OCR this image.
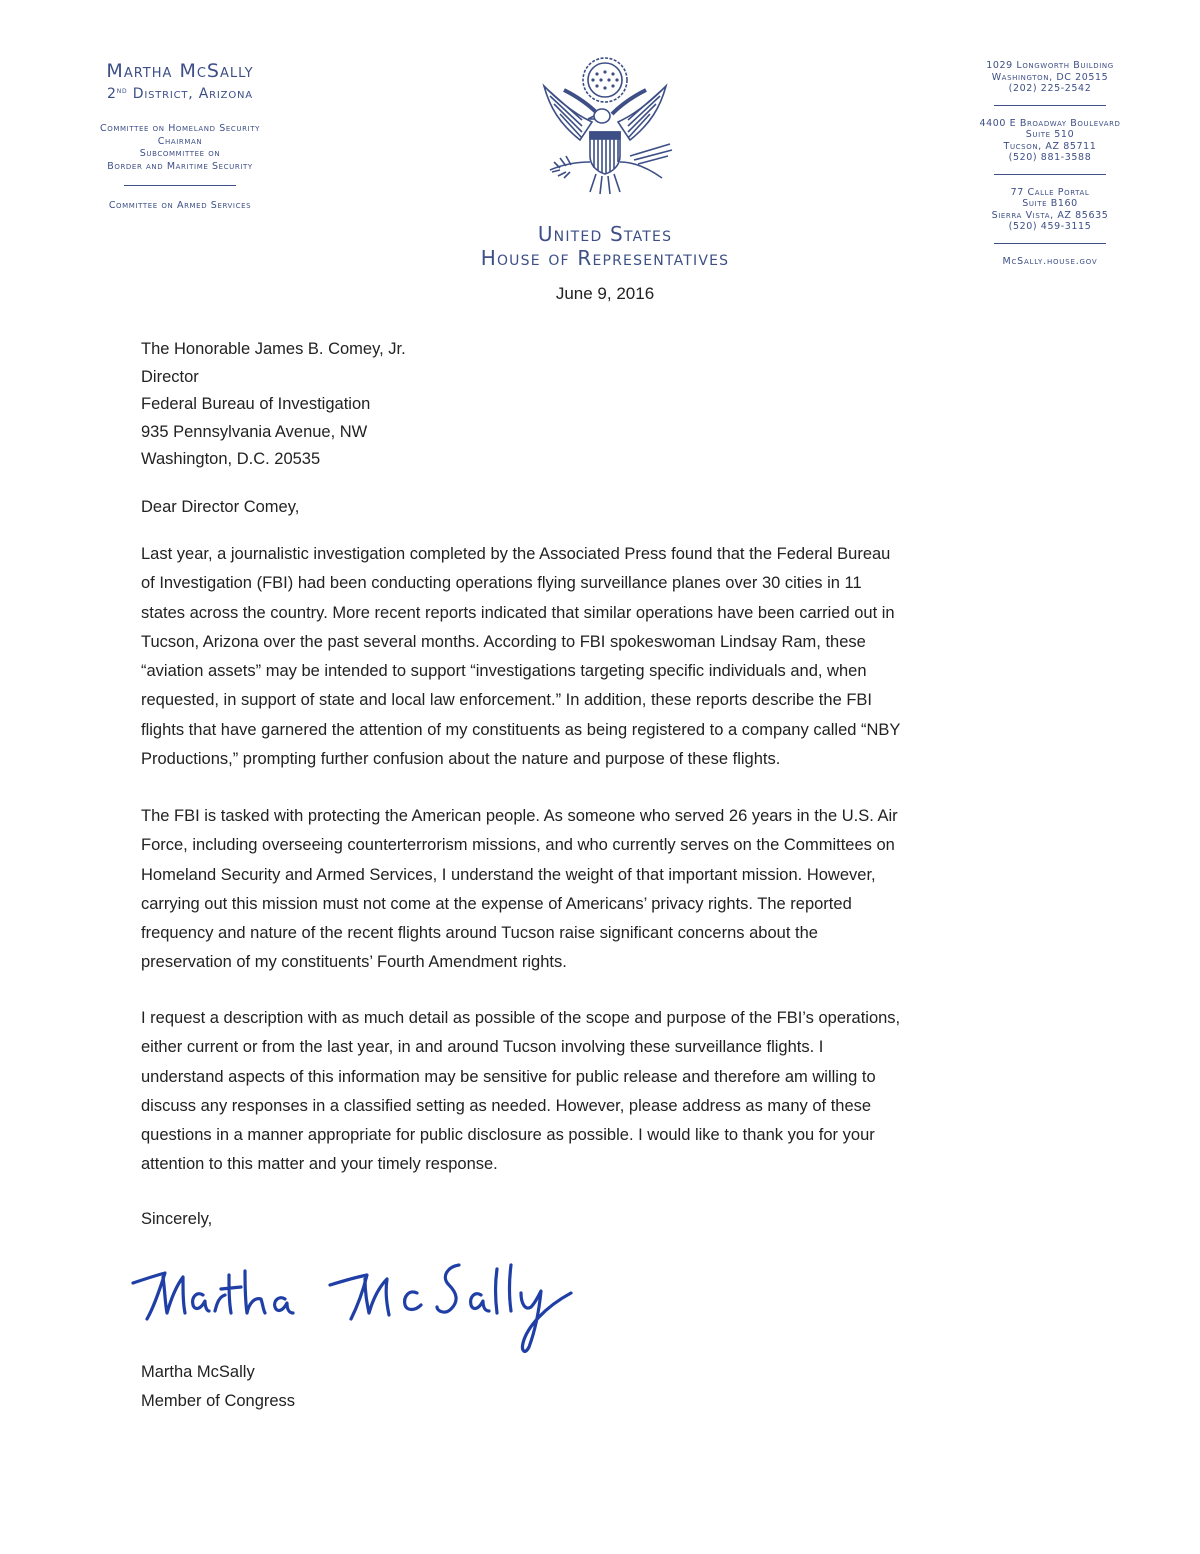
Martha McSally
2nd District, Arizona
Committee on Homeland Security
Chairman
Subcommittee on
Border and Maritime Security
Committee on Armed Services
United States
House of Representatives
June 9, 2016
1029 Longworth Building
Washington, DC 20515
(202) 225-2542
4400 E Broadway Boulevard
Suite 510
Tucson, AZ 85711
(520) 881-3588
77 Calle Portal
Suite B160
Sierra Vista, AZ 85635
(520) 459-3115
McSally.house.gov
The Honorable James B. Comey, Jr.
Director
Federal Bureau of Investigation
935 Pennsylvania Avenue, NW
Washington, D.C. 20535
Dear Director Comey,
Last year, a journalistic investigation completed by the Associated Press found that the Federal Bureau
of Investigation (FBI) had been conducting operations flying surveillance planes over 30 cities in 11
states across the country. More recent reports indicated that similar operations have been carried out in
Tucson, Arizona over the past several months. According to FBI spokeswoman Lindsay Ram, these
“aviation assets” may be intended to support “investigations targeting specific individuals and, when
requested, in support of state and local law enforcement.” In addition, these reports describe the FBI
flights that have garnered the attention of my constituents as being registered to a company called “NBY
Productions,” prompting further confusion about the nature and purpose of these flights.
The FBI is tasked with protecting the American people. As someone who served 26 years in the U.S. Air
Force, including overseeing counterterrorism missions, and who currently serves on the Committees on
Homeland Security and Armed Services, I understand the weight of that important mission. However,
carrying out this mission must not come at the expense of Americans’ privacy rights. The reported
frequency and nature of the recent flights around Tucson raise significant concerns about the
preservation of my constituents’ Fourth Amendment rights.
I request a description with as much detail as possible of the scope and purpose of the FBI’s operations,
either current or from the last year, in and around Tucson involving these surveillance flights. I
understand aspects of this information may be sensitive for public release and therefore am willing to
discuss any responses in a classified setting as needed. However, please address as many of these
questions in a manner appropriate for public disclosure as possible. I would like to thank you for your
attention to this matter and your timely response.
Sincerely,
Martha McSally
Member of Congress
